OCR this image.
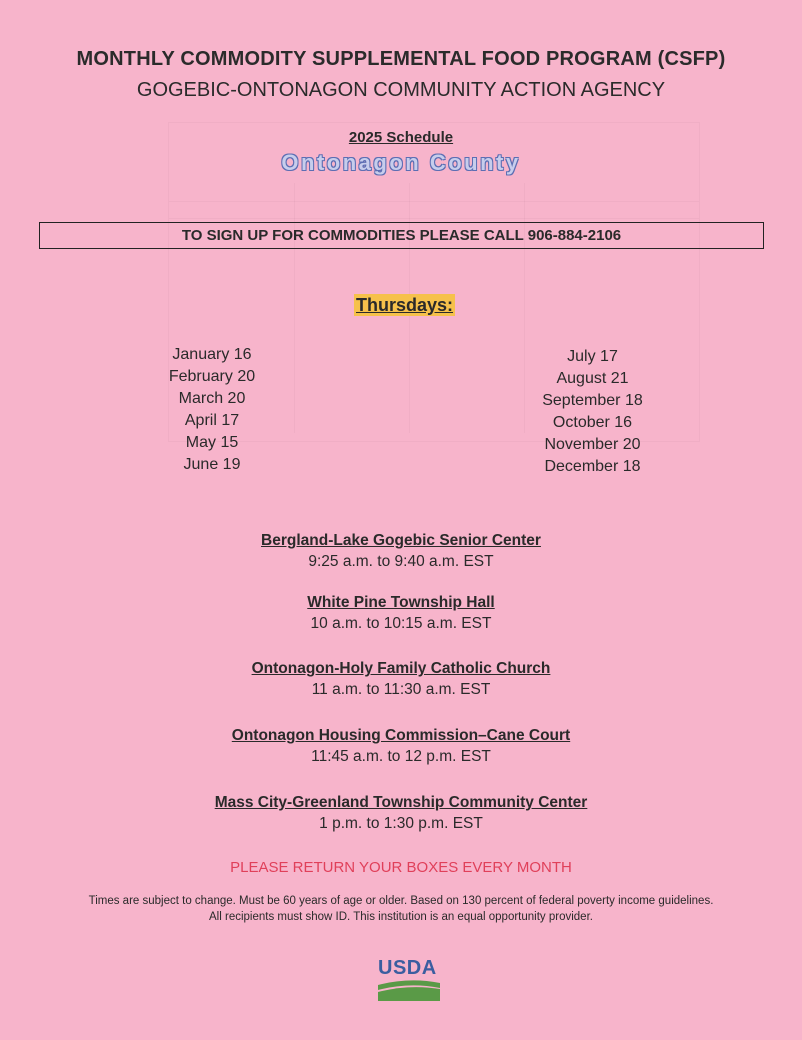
MONTHLY COMMODITY SUPPLEMENTAL FOOD PROGRAM (CSFP)
GOGEBIC-ONTONAGON COMMUNITY ACTION AGENCY
2025 Schedule
Ontonagon County
TO SIGN UP FOR COMMODITIES PLEASE CALL 906-884-2106
Thursdays:
January 16
February 20
March 20
April 17
May 15
June 19
July 17
August 21
September 18
October 16
November 20
December 18
Bergland-Lake Gogebic Senior Center
9:25 a.m. to 9:40 a.m. EST
White Pine Township Hall
10 a.m. to 10:15 a.m. EST
Ontonagon-Holy Family Catholic Church
11 a.m. to 11:30 a.m. EST
Ontonagon Housing Commission–Cane Court
11:45 a.m. to 12 p.m. EST
Mass City-Greenland Township Community Center
1 p.m. to 1:30 p.m. EST
PLEASE RETURN YOUR BOXES EVERY MONTH
Times are subject to change. Must be 60 years of age or older. Based on 130 percent of federal poverty income guidelines.
All recipients must show ID. This institution is an equal opportunity provider.
USDA
